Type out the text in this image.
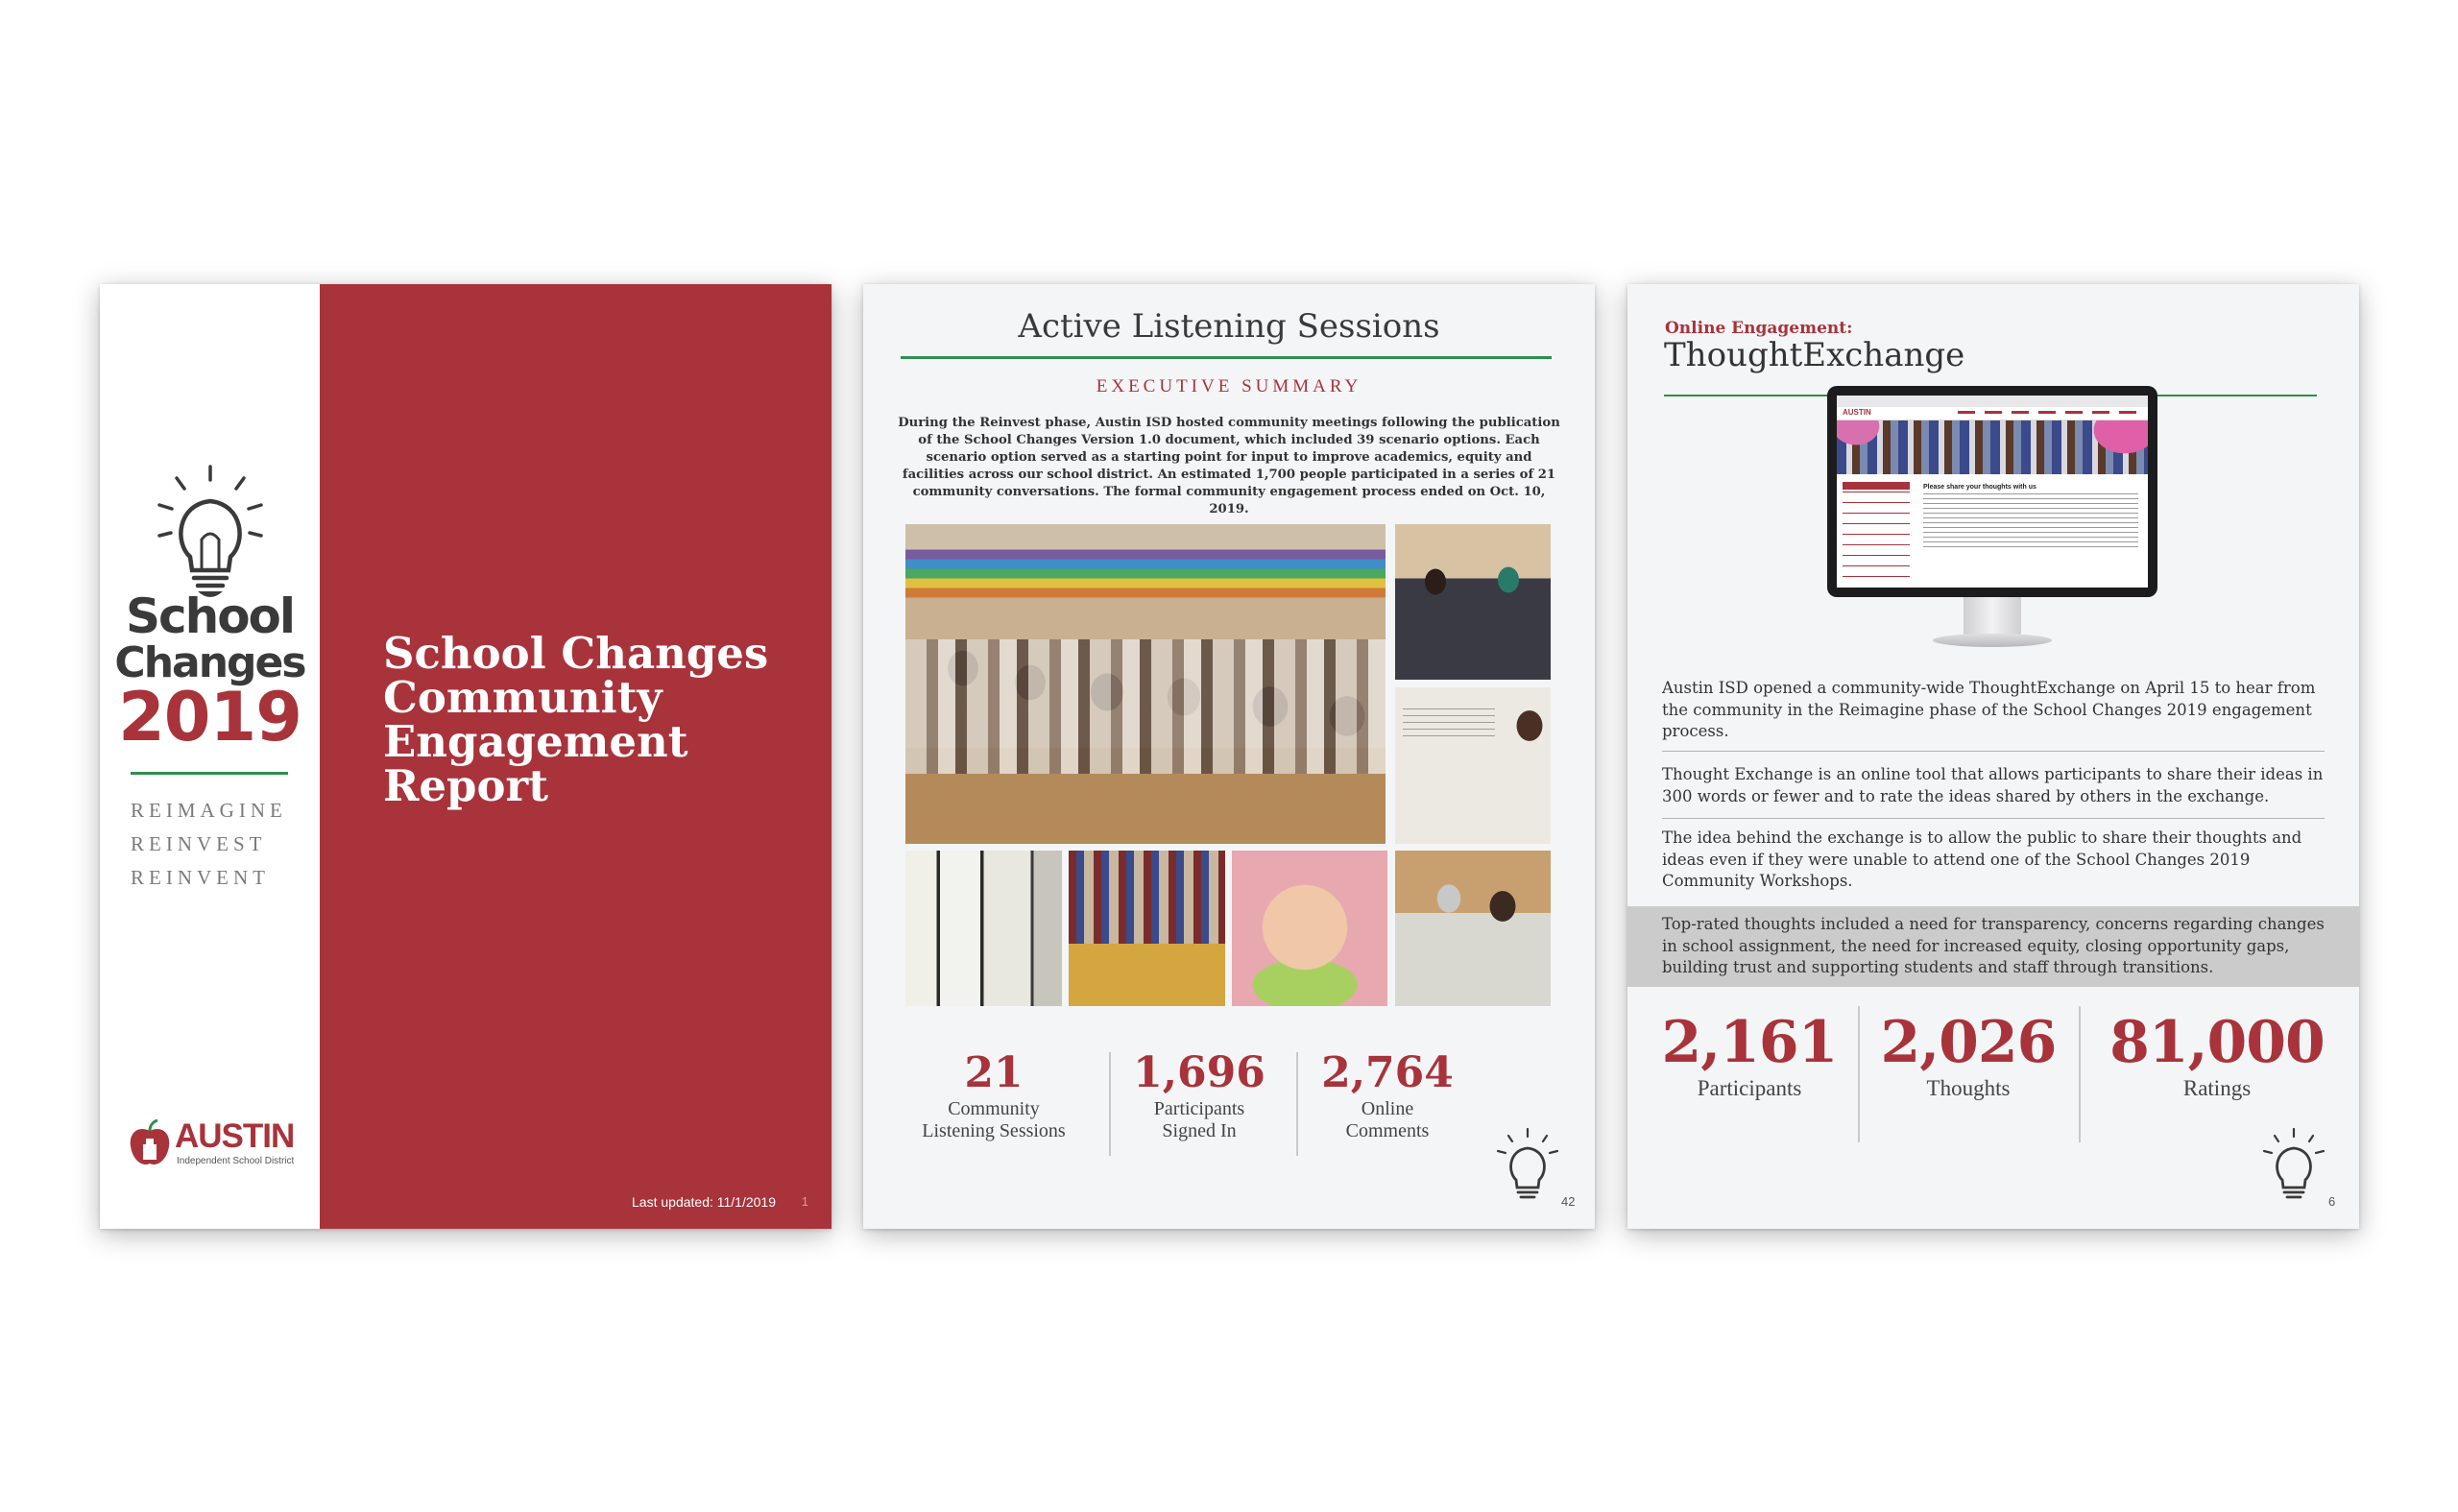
School
Changes
2019
REIMAGINE
REINVEST
REINVENT
AUSTIN
Independent School District
School Changes
Community
Engagement
Report
Last updated: 11/1/2019 1
Active Listening Sessions
EXECUTIVE SUMMARY
During the Reinvest phase, Austin ISD hosted community meetings following the publication of the School Changes Version 1.0 document, which included 39 scenario options. Each scenario option served as a starting point for input to improve academics, equity and facilities across our school district. An estimated 1,700 people participated in a series of 21 community conversations. The formal community engagement process ended on Oct. 10, 2019.
21
Community Listening Sessions
1,696
Participants Signed In
2,764
Online Comments
42
Online Engagement:
ThoughtExchange
AUSTIN
Please share your thoughts with us
Austin ISD opened a community-wide ThoughtExchange on April 15 to hear from the community in the Reimagine phase of the School Changes 2019 engagement process.
Thought Exchange is an online tool that allows participants to share their ideas in 300 words or fewer and to rate the ideas shared by others in the exchange.
The idea behind the exchange is to allow the public to share their thoughts and ideas even if they were unable to attend one of the School Changes 2019 Community Workshops.
Top-rated thoughts included a need for transparency, concerns regarding changes in school assignment, the need for increased equity, closing opportunity gaps, building trust and supporting students and staff through transitions.
2,161
Participants
2,026
Thoughts
81,000
Ratings
6
